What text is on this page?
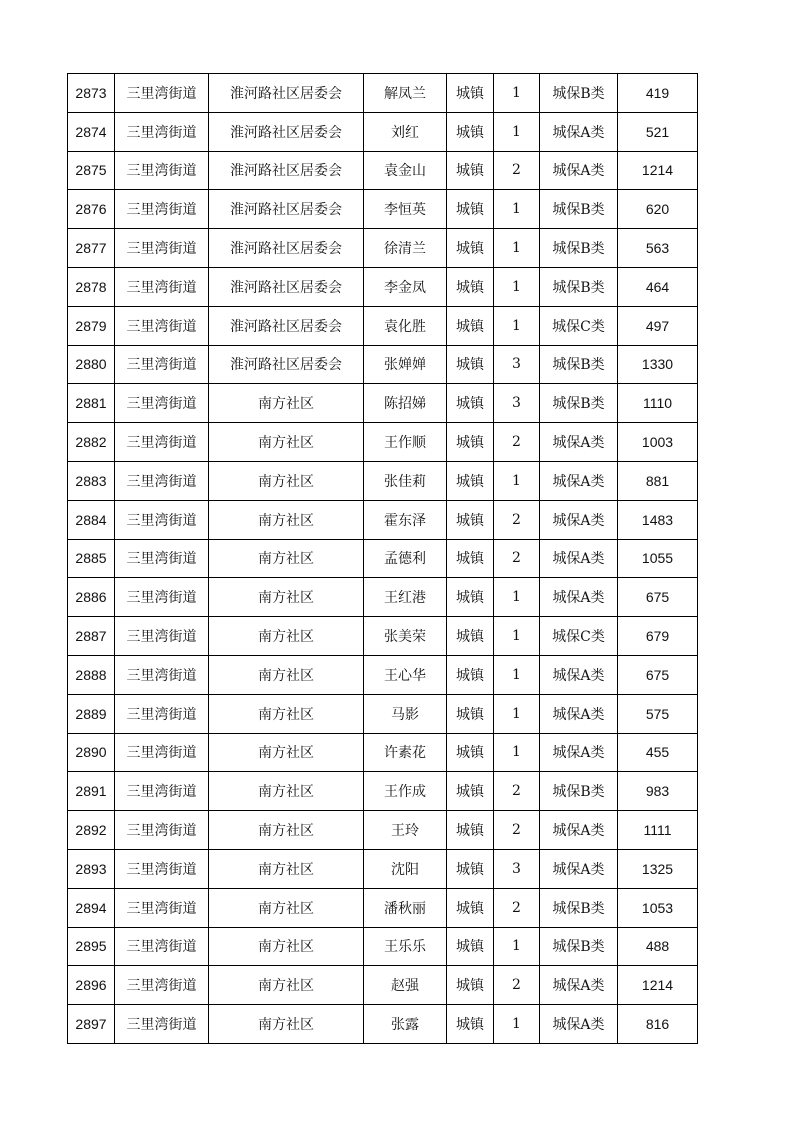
2873	三里湾街道	淮河路社区居委会	解凤兰	城镇	1	城保B类	419
2874	三里湾街道	淮河路社区居委会	刘红	城镇	1	城保A类	521
2875	三里湾街道	淮河路社区居委会	袁金山	城镇	2	城保A类	1214
2876	三里湾街道	淮河路社区居委会	李恒英	城镇	1	城保B类	620
2877	三里湾街道	淮河路社区居委会	徐清兰	城镇	1	城保B类	563
2878	三里湾街道	淮河路社区居委会	李金凤	城镇	1	城保B类	464
2879	三里湾街道	淮河路社区居委会	袁化胜	城镇	1	城保C类	497
2880	三里湾街道	淮河路社区居委会	张婵婵	城镇	3	城保B类	1330
2881	三里湾街道	南方社区	陈招娣	城镇	3	城保B类	1110
2882	三里湾街道	南方社区	王作顺	城镇	2	城保A类	1003
2883	三里湾街道	南方社区	张佳莉	城镇	1	城保A类	881
2884	三里湾街道	南方社区	霍东泽	城镇	2	城保A类	1483
2885	三里湾街道	南方社区	孟德利	城镇	2	城保A类	1055
2886	三里湾街道	南方社区	王红港	城镇	1	城保A类	675
2887	三里湾街道	南方社区	张美荣	城镇	1	城保C类	679
2888	三里湾街道	南方社区	王心华	城镇	1	城保A类	675
2889	三里湾街道	南方社区	马影	城镇	1	城保A类	575
2890	三里湾街道	南方社区	许素花	城镇	1	城保A类	455
2891	三里湾街道	南方社区	王作成	城镇	2	城保B类	983
2892	三里湾街道	南方社区	王玲	城镇	2	城保A类	1111
2893	三里湾街道	南方社区	沈阳	城镇	3	城保A类	1325
2894	三里湾街道	南方社区	潘秋丽	城镇	2	城保B类	1053
2895	三里湾街道	南方社区	王乐乐	城镇	1	城保B类	488
2896	三里湾街道	南方社区	赵强	城镇	2	城保A类	1214
2897	三里湾街道	南方社区	张露	城镇	1	城保A类	816
